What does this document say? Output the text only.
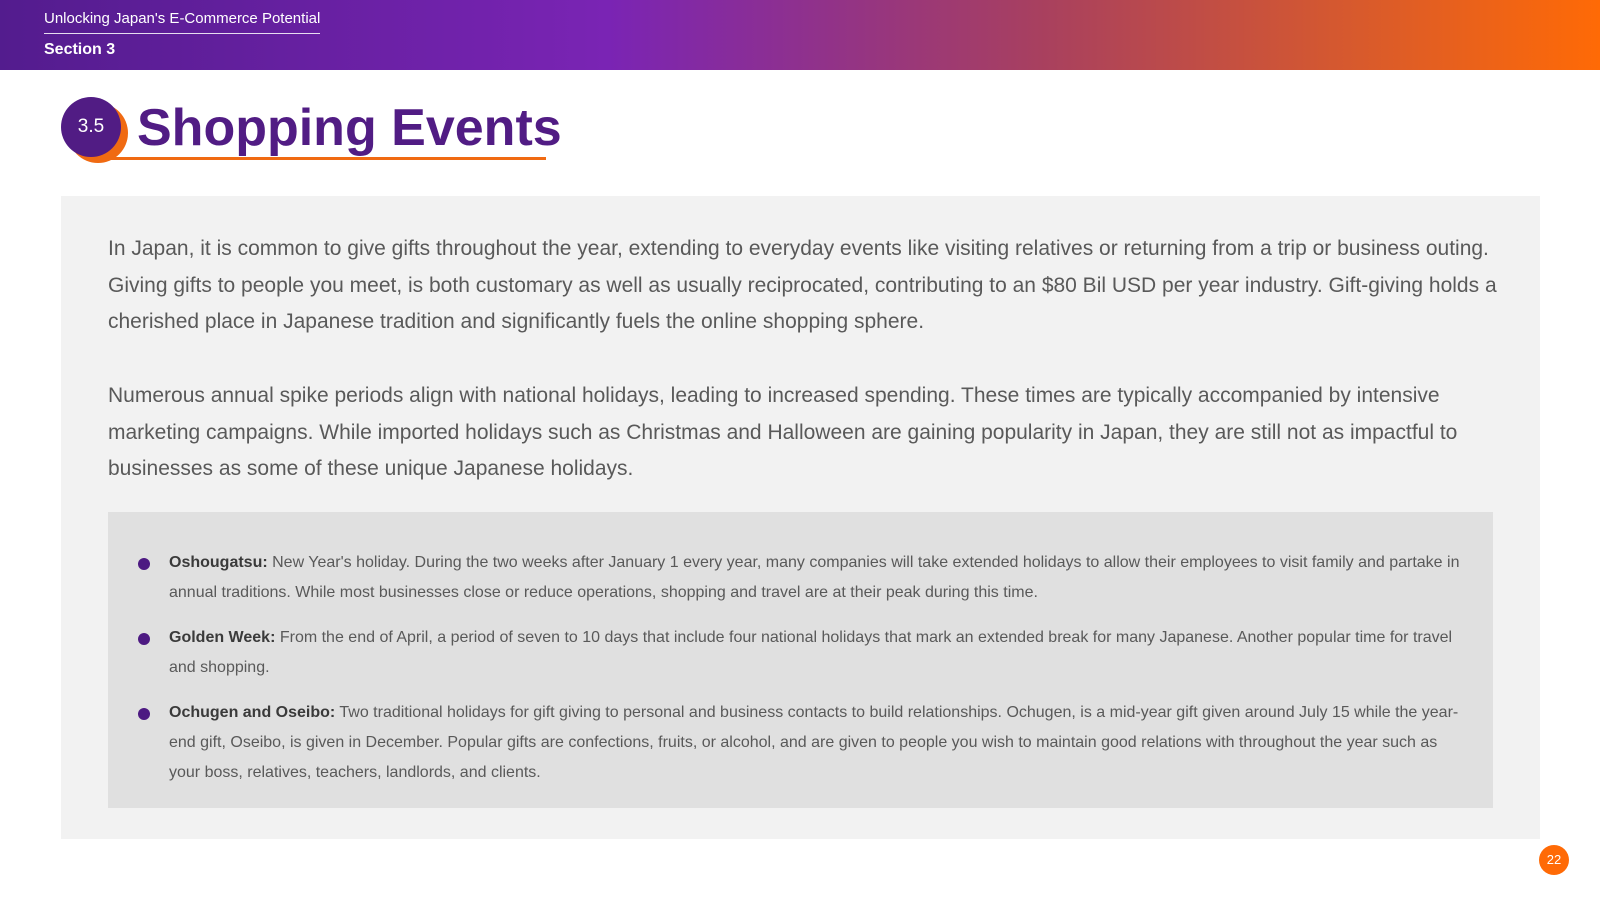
Unlocking Japan's E-Commerce Potential
Section 3
3.5 Shopping Events

In Japan, it is common to give gifts throughout the year, extending to everyday events like visiting relatives or returning from a trip or business outing. Giving gifts to people you meet, is both customary as well as usually reciprocated, contributing to an $80 Bil USD per year industry. Gift-giving holds a cherished place in Japanese tradition and significantly fuels the online shopping sphere.

Numerous annual spike periods align with national holidays, leading to increased spending. These times are typically accompanied by intensive marketing campaigns. While imported holidays such as Christmas and Halloween are gaining popularity in Japan, they are still not as impactful to businesses as some of these unique Japanese holidays.

Oshougatsu: New Year's holiday. During the two weeks after January 1 every year, many companies will take extended holidays to allow their employees to visit family and partake in annual traditions. While most businesses close or reduce operations, shopping and travel are at their peak during this time.
Golden Week: From the end of April, a period of seven to 10 days that include four national holidays that mark an extended break for many Japanese. Another popular time for travel and shopping.
Ochugen and Oseibo: Two traditional holidays for gift giving to personal and business contacts to build relationships. Ochugen, is a mid-year gift given around July 15 while the year-end gift, Oseibo, is given in December. Popular gifts are confections, fruits, or alcohol, and are given to people you wish to maintain good relations with throughout the year such as your boss, relatives, teachers, landlords, and clients.
22
